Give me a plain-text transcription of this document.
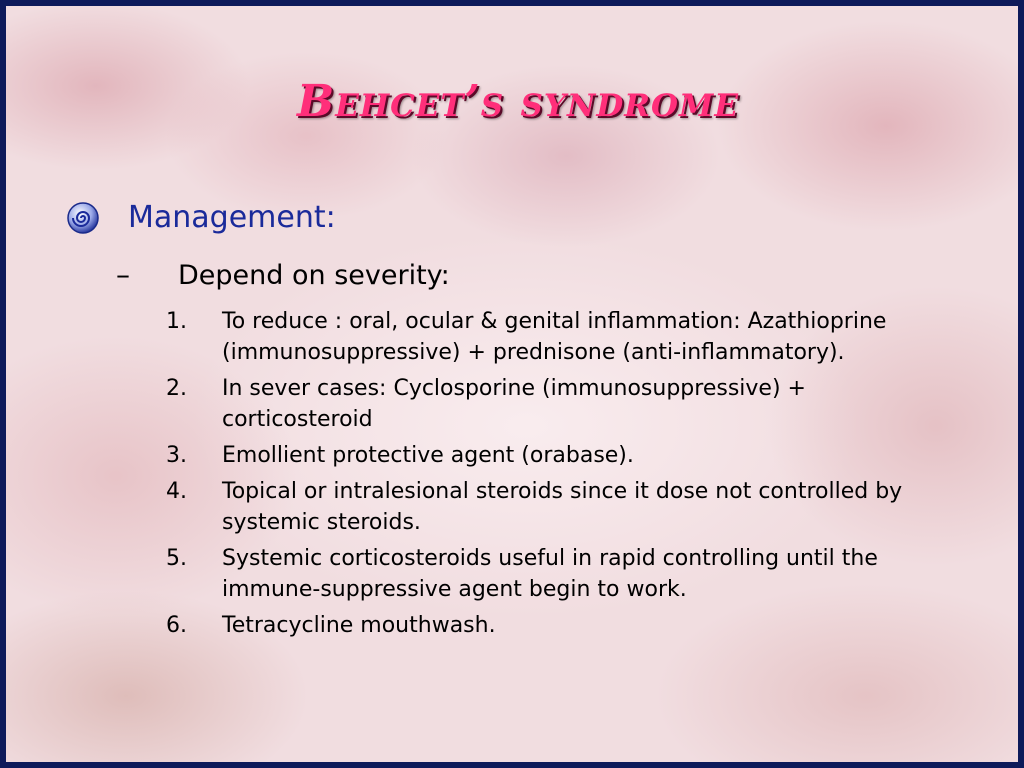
Behcet’s syndrome
Management:
–	Depend on severity:
1.	To reduce : oral, ocular & genital inflammation: Azathioprine (immunosuppressive) + prednisone (anti-inflammatory).
2.	In sever cases: Cyclosporine (immunosuppressive) + corticosteroid
3.	Emollient protective agent (orabase).
4.	Topical or intralesional steroids since it dose not controlled by systemic steroids.
5.	Systemic corticosteroids useful in rapid controlling until the immune-suppressive agent begin to work.
6.	Tetracycline mouthwash.
